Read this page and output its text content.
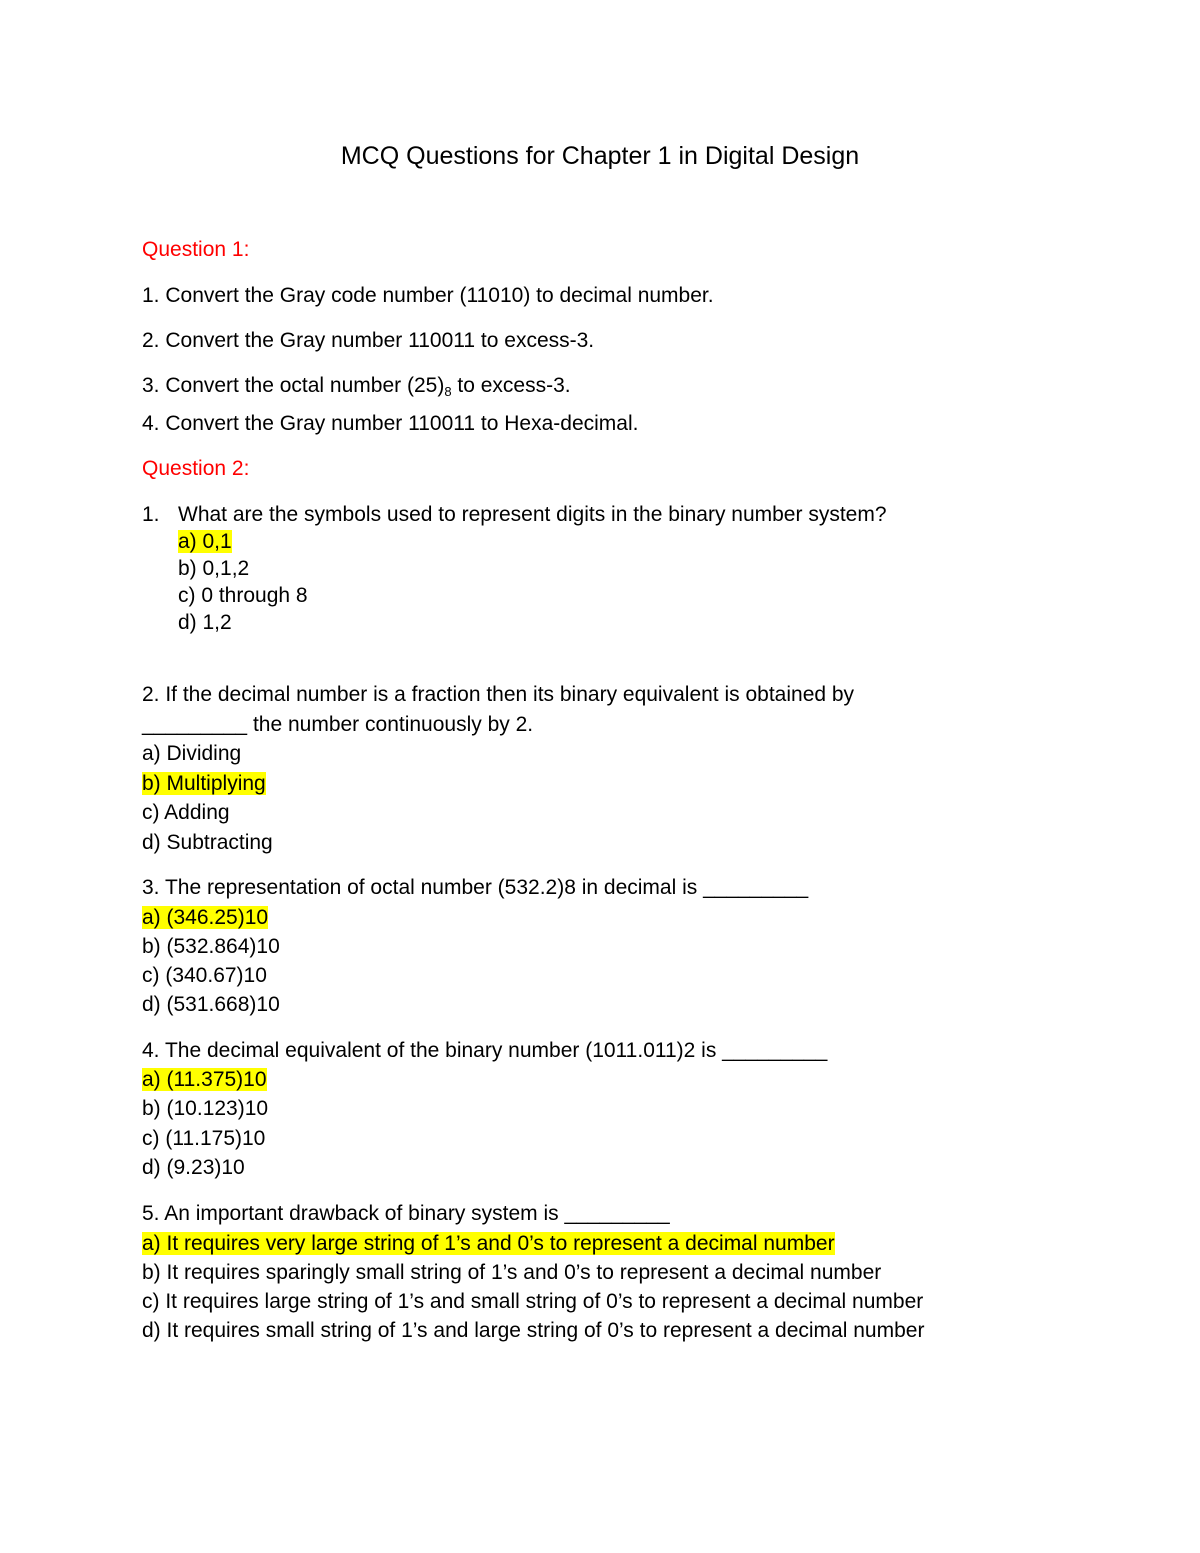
MCQ Questions for Chapter 1 in Digital Design
Question 1:
1. Convert the Gray code number (11010) to decimal number.
2. Convert the Gray number 110011 to excess-3.
3. Convert the octal number $(25)_8$ to excess-3.
4. Convert the Gray number 110011 to Hexa-decimal.
Question 2:
1. What are the symbols used to represent digits in the binary number system?
a) 0,1
b) 0,1,2
c) 0 through 8
d) 1,2
2. If the decimal number is a fraction then its binary equivalent is obtained by
_________ the number continuously by 2.
a) Dividing
b) Multiplying
c) Adding
d) Subtracting
3. The representation of octal number (532.2)8 in decimal is _________
a) (346.25)10
b) (532.864)10
c) (340.67)10
d) (531.668)10
4. The decimal equivalent of the binary number (1011.011)2 is _________
a) (11.375)10
b) (10.123)10
c) (11.175)10
d) (9.23)10
5. An important drawback of binary system is _________
a) It requires very large string of 1’s and 0’s to represent a decimal number
b) It requires sparingly small string of 1’s and 0’s to represent a decimal number
c) It requires large string of 1’s and small string of 0’s to represent a decimal number
d) It requires small string of 1’s and large string of 0’s to represent a decimal number
